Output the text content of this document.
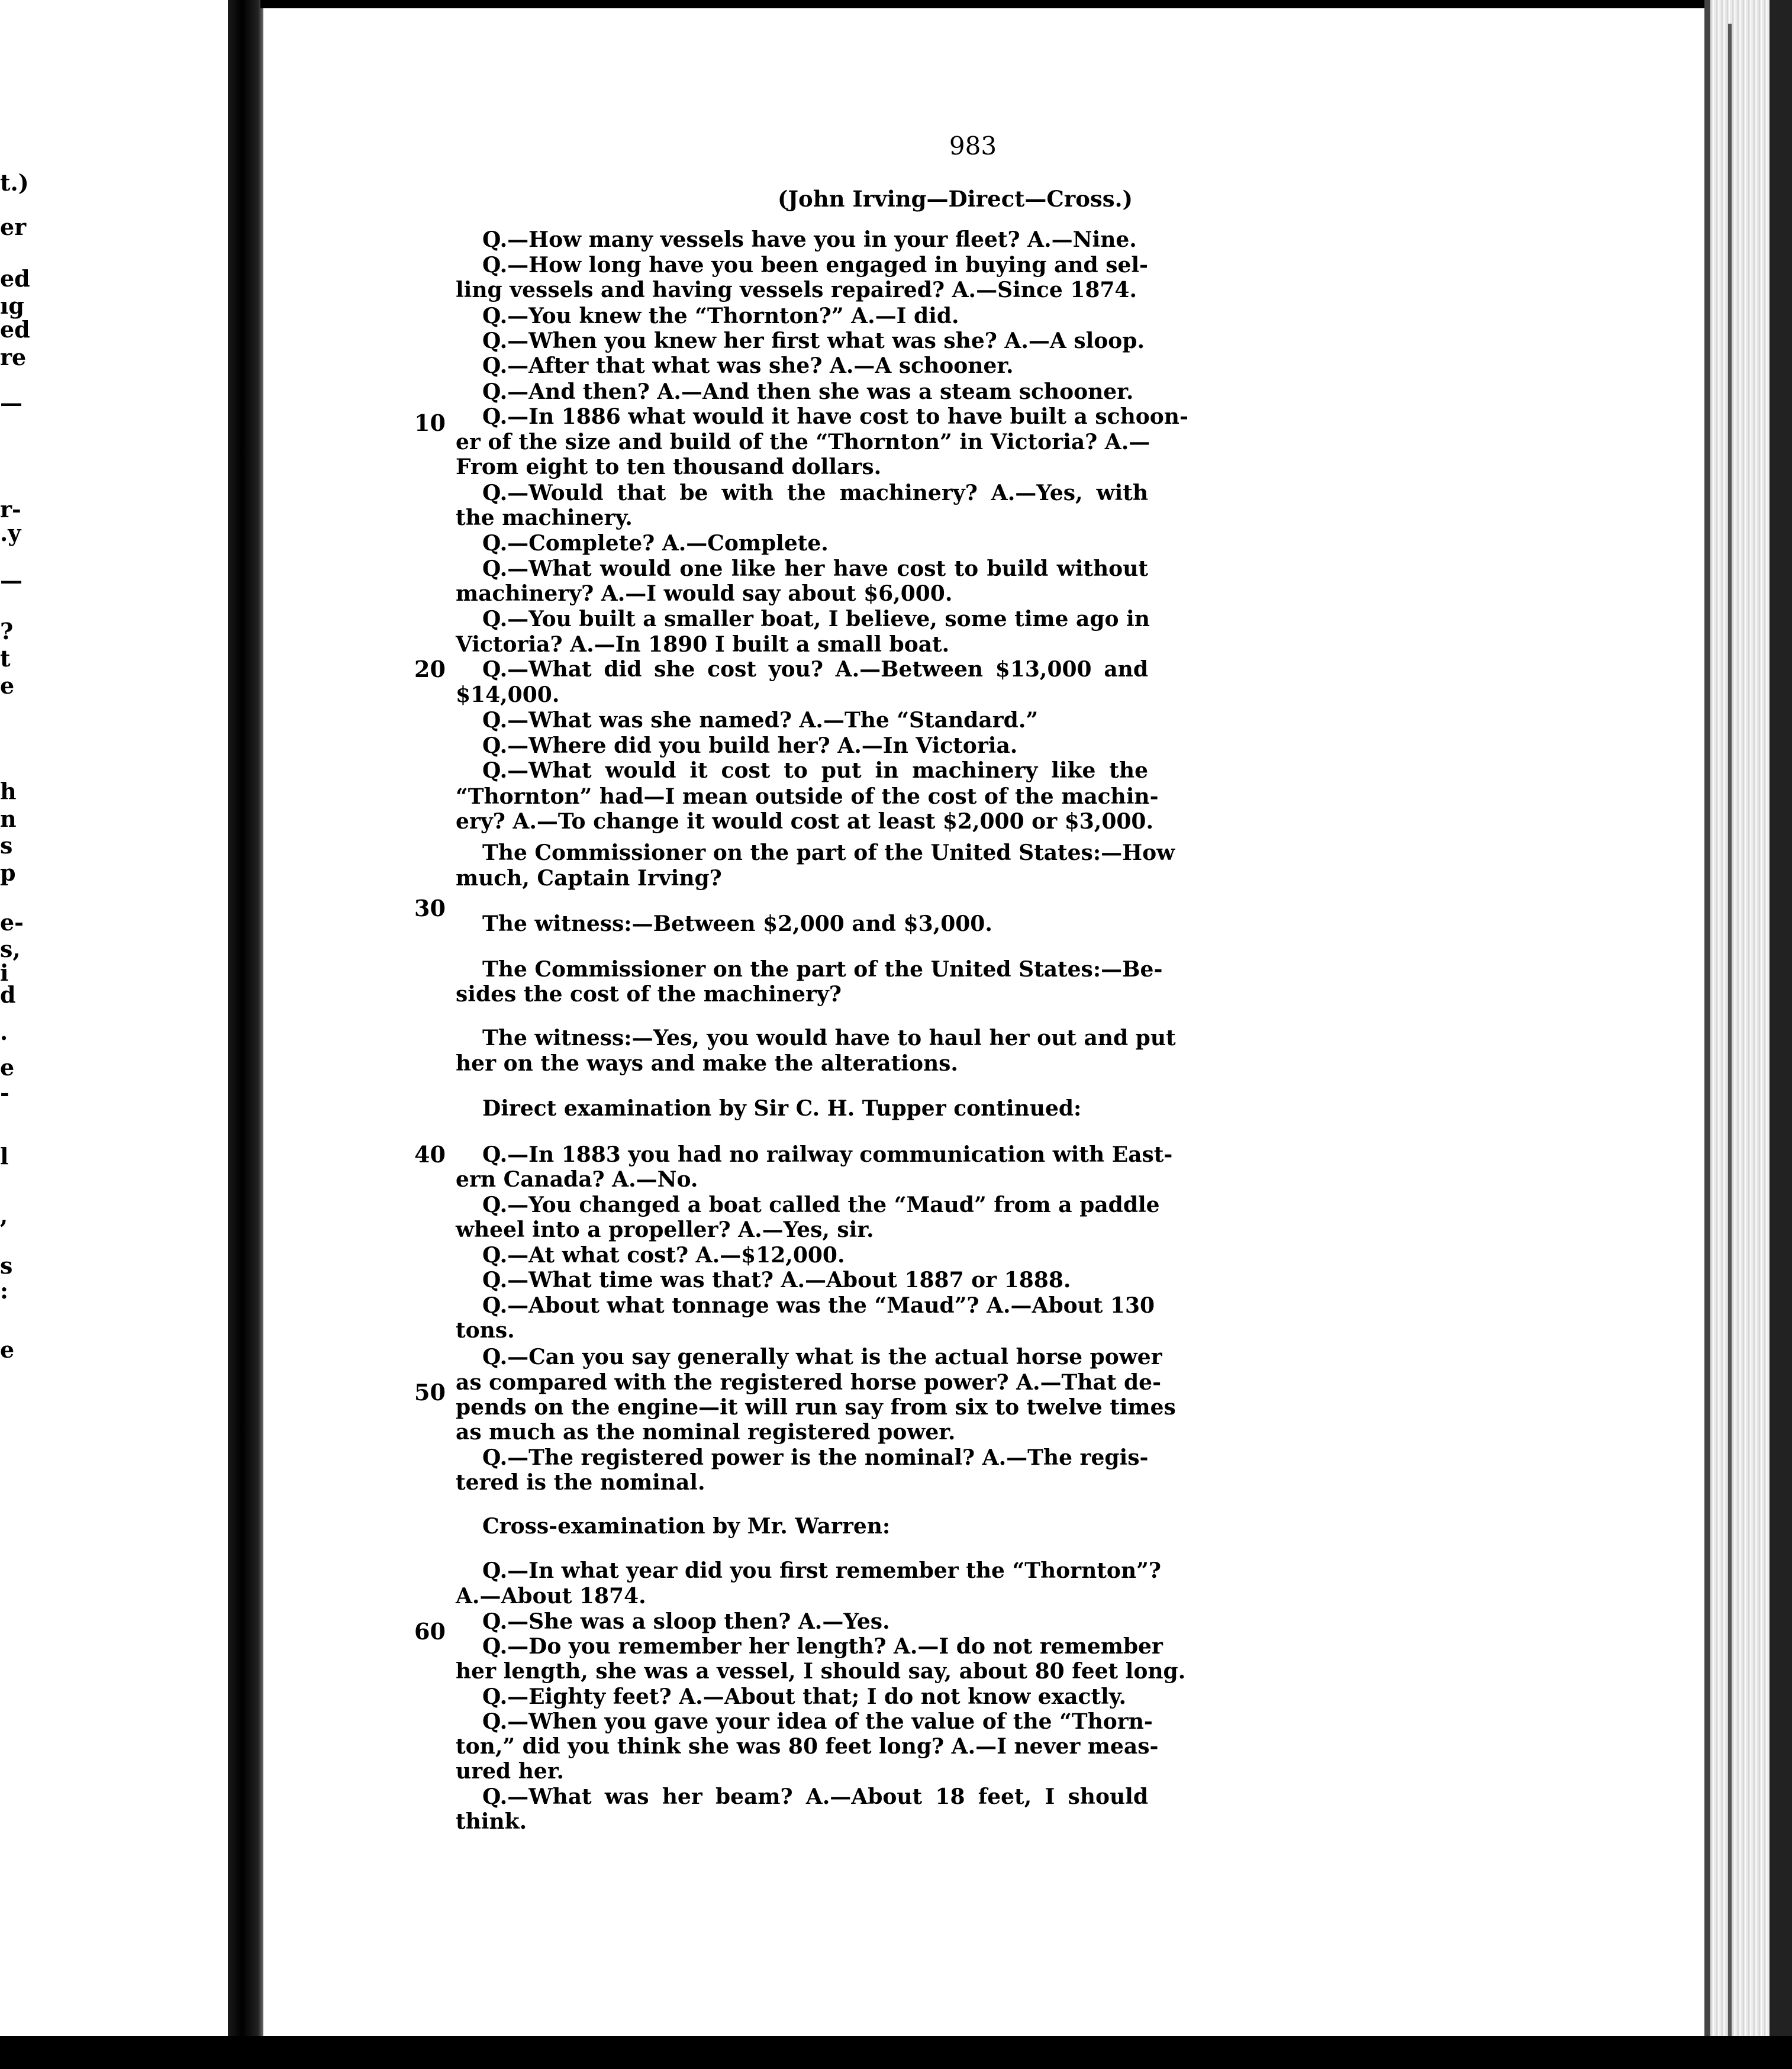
t.)
er
ed
ıg
ed
re
—
r-
.y
—
?
t
e
h
n
s
p
e-
s,
i
d
.
e
-
l
,
s
:
e
983
(John Irving—Direct—Cross.)
10
20
30
40
50
60
Q.—How many vessels have you in your fleet? A.—Nine.
Q.—How long have you been engaged in buying and sel-
ling vessels and having vessels repaired? A.—Since 1874.
Q.—You knew the “Thornton?” A.—I did.
Q.—When you knew her first what was she? A.—A sloop.
Q.—After that what was she? A.—A schooner.
Q.—And then? A.—And then she was a steam schooner.
Q.—In 1886 what would it have cost to have built a schoon-
er of the size and build of the “Thornton” in Victoria? A.—
From eight to ten thousand dollars.
Q.—Would that be with the machinery? A.—Yes, with
the machinery.
Q.—Complete? A.—Complete.
Q.—What would one like her have cost to build without
machinery? A.—I would say about $6,000.
Q.—You built a smaller boat, I believe, some time ago in
Victoria? A.—In 1890 I built a small boat.
Q.—What did she cost you? A.—Between $13,000 and
$14,000.
Q.—What was she named? A.—The “Standard.”
Q.—Where did you build her? A.—In Victoria.
Q.—What would it cost to put in machinery like the
“Thornton” had—I mean outside of the cost of the machin-
ery? A.—To change it would cost at least $2,000 or $3,000.
The Commissioner on the part of the United States:—How
much, Captain Irving?
The witness:—Between $2,000 and $3,000.
The Commissioner on the part of the United States:—Be-
sides the cost of the machinery?
The witness:—Yes, you would have to haul her out and put
her on the ways and make the alterations.
Direct examination by Sir C. H. Tupper continued:
Q.—In 1883 you had no railway communication with East-
ern Canada? A.—No.
Q.—You changed a boat called the “Maud” from a paddle
wheel into a propeller? A.—Yes, sir.
Q.—At what cost? A.—$12,000.
Q.—What time was that? A.—About 1887 or 1888.
Q.—About what tonnage was the “Maud”? A.—About 130
tons.
Q.—Can you say generally what is the actual horse power
as compared with the registered horse power? A.—That de-
pends on the engine—it will run say from six to twelve times
as much as the nominal registered power.
Q.—The registered power is the nominal? A.—The regis-
tered is the nominal.
Cross-examination by Mr. Warren:
Q.—In what year did you first remember the “Thornton”?
A.—About 1874.
Q.—She was a sloop then? A.—Yes.
Q.—Do you remember her length? A.—I do not remember
her length, she was a vessel, I should say, about 80 feet long.
Q.—Eighty feet? A.—About that; I do not know exactly.
Q.—When you gave your idea of the value of the “Thorn-
ton,” did you think she was 80 feet long? A.—I never meas-
ured her.
Q.—What was her beam? A.—About 18 feet, I should
think.
